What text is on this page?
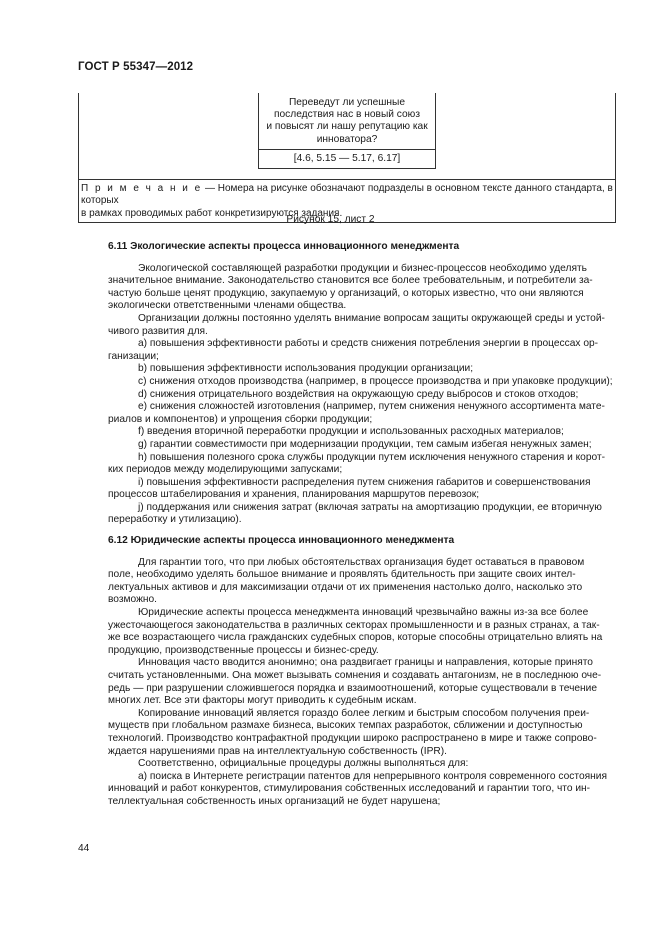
ГОСТ Р 55347—2012
Переведут ли успешные
последствия нас в новый союз
и повысят ли нашу репутацию как
инноватора?
[4.6, 5.15 — 5.17, 6.17]
П р и м е ч а н и е — Номера на рисунке обозначают подразделы в основном тексте данного стандарта, в которых
в рамках проводимых работ конкретизируются задания.
Рисунок 15, лист 2

6.11 Экологические аспекты процесса инновационного менеджмента

Экологической составляющей разработки продукции и бизнес-процессов необходимо уделять
значительное внимание. Законодательство становится все более требовательным, и потребители за-
частую больше ценят продукцию, закупаемую у организаций, о которых известно, что они являются
экологически ответственными членами общества.

Организации должны постоянно уделять внимание вопросам защиты окружающей среды и устой-
чивого развития для.

a) повышения эффективности работы и средств снижения потребления энергии в процессах ор-
ганизации;

b) повышения эффективности использования продукции организации;

c) снижения отходов производства (например, в процессе производства и при упаковке продукции);

d) снижения отрицательного воздействия на окружающую среду выбросов и стоков отходов;

e) снижения сложностей изготовления (например, путем снижения ненужного ассортимента мате-
риалов и компонентов) и упрощения сборки продукции;

f) введения вторичной переработки продукции и использованных расходных материалов;

g) гарантии совместимости при модернизации продукции, тем самым избегая ненужных замен;

h) повышения полезного срока службы продукции путем исключения ненужного старения и корот-
ких периодов между моделирующими запусками;

i) повышения эффективности распределения путем снижения габаритов и совершенствования
процессов штабелирования и хранения, планирования маршрутов перевозок;

j) поддержания или снижения затрат (включая затраты на амортизацию продукции, ее вторичную
переработку и утилизацию).

6.12 Юридические аспекты процесса инновационного менеджмента

Для гарантии того, что при любых обстоятельствах организация будет оставаться в правовом
поле, необходимо уделять большое внимание и проявлять бдительность при защите своих интел-
лектуальных активов и для максимизации отдачи от их применения настолько долго, насколько это
возможно.

Юридические аспекты процесса менеджмента инноваций чрезвычайно важны из-за все более
ужесточающегося законодательства в различных секторах промышленности и в разных странах, а так-
же все возрастающего числа гражданских судебных споров, которые способны отрицательно влиять на
продукцию, производственные процессы и бизнес-среду.

Инновация часто вводится анонимно; она раздвигает границы и направления, которые принято
считать установленными. Она может вызывать сомнения и создавать антагонизм, не в последнюю оче-
редь — при разрушении сложившегося порядка и взаимоотношений, которые существовали в течение
многих лет. Все эти факторы могут приводить к судебным искам.

Копирование инноваций является гораздо более легким и быстрым способом получения преи-
муществ при глобальном размахе бизнеса, высоких темпах разработок, сближении и доступностью
технологий. Производство контрафактной продукции широко распространено в мире и также сопрово-
ждается нарушениями прав на интеллектуальную собственность (IPR).

Соответственно, официальные процедуры должны выполняться для:

a) поиска в Интернете регистрации патентов для непрерывного контроля современного состояния
инноваций и работ конкурентов, стимулирования собственных исследований и гарантии того, что ин-
теллектуальная собственность иных организаций не будет нарушена;

44
